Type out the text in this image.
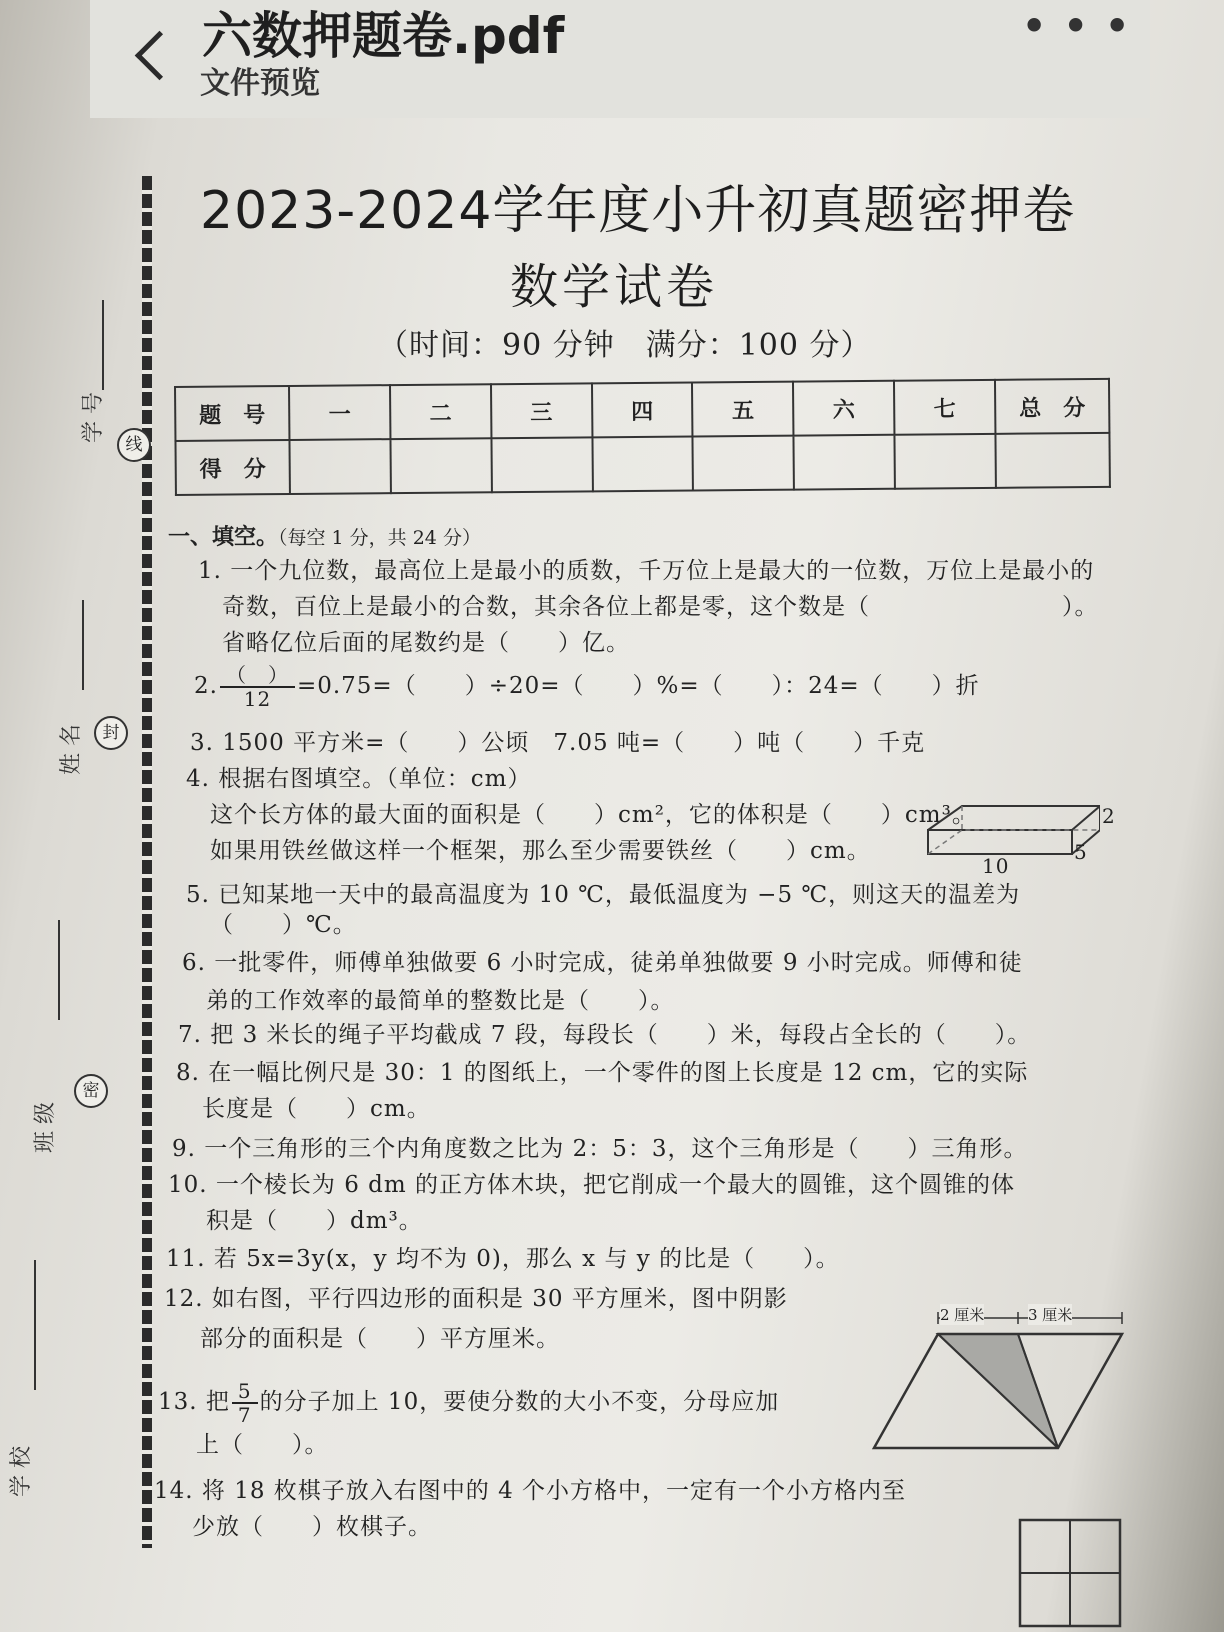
六数押题卷.pdf
文件预览
• • •
线
封
密
学 号
姓 名
班 级
学 校
2023-2024学年度小升初真题密押卷
数学试卷
（时间：90 分钟　满分：100 分）
题　号	一	二	三	四	五	六	七	总　分
得　分								
一、填空。（每空 1 分，共 24 分）
1. 一个九位数，最高位上是最小的质数，千万位上是最大的一位数，万位上是最小的
奇数，百位上是最小的合数，其余各位上都是零，这个数是（　　　　　　　　）。
省略亿位后面的尾数约是（　　）亿。
2. $\frac{( )}{12} =0.75=$（　　）÷20=（　　）%=（　　）：24=（　　）折
3. 1500 平方米=（　　）公顷　7.05 吨=（　　）吨（　　）千克
4. 根据右图填空。（单位：cm）
这个长方体的最大面的面积是（　　）cm²，它的体积是（　　）cm³。
如果用铁丝做这样一个框架，那么至少需要铁丝（　　）cm。
2
5
10
5. 已知某地一天中的最高温度为 10 ℃，最低温度为 −5 ℃，则这天的温差为
（　　）℃。
6. 一批零件，师傅单独做要 6 小时完成，徒弟单独做要 9 小时完成。师傅和徒
弟的工作效率的最简单的整数比是（　　）。
7. 把 3 米长的绳子平均截成 7 段，每段长（　　）米，每段占全长的（　　）。
8. 在一幅比例尺是 30：1 的图纸上，一个零件的图上长度是 12 cm，它的实际
长度是（　　）cm。
9. 一个三角形的三个内角度数之比为 2：5：3，这个三角形是（　　）三角形。
10. 一个棱长为 6 dm 的正方体木块，把它削成一个最大的圆锥，这个圆锥的体
积是（　　）dm³。
11. 若 5x=3y(x，y 均不为 0)，那么 x 与 y 的比是（　　）。
12. 如右图，平行四边形的面积是 30 平方厘米，图中阴影
部分的面积是（　　）平方厘米。
2 厘米	3 厘米
13. 把 $\frac{5}{7}$ 的分子加上 10，要使分数的大小不变，分母应加
上（　　）。
14. 将 18 枚棋子放入右图中的 4 个小方格中，一定有一个小方格内至
少放（　　）枚棋子。
